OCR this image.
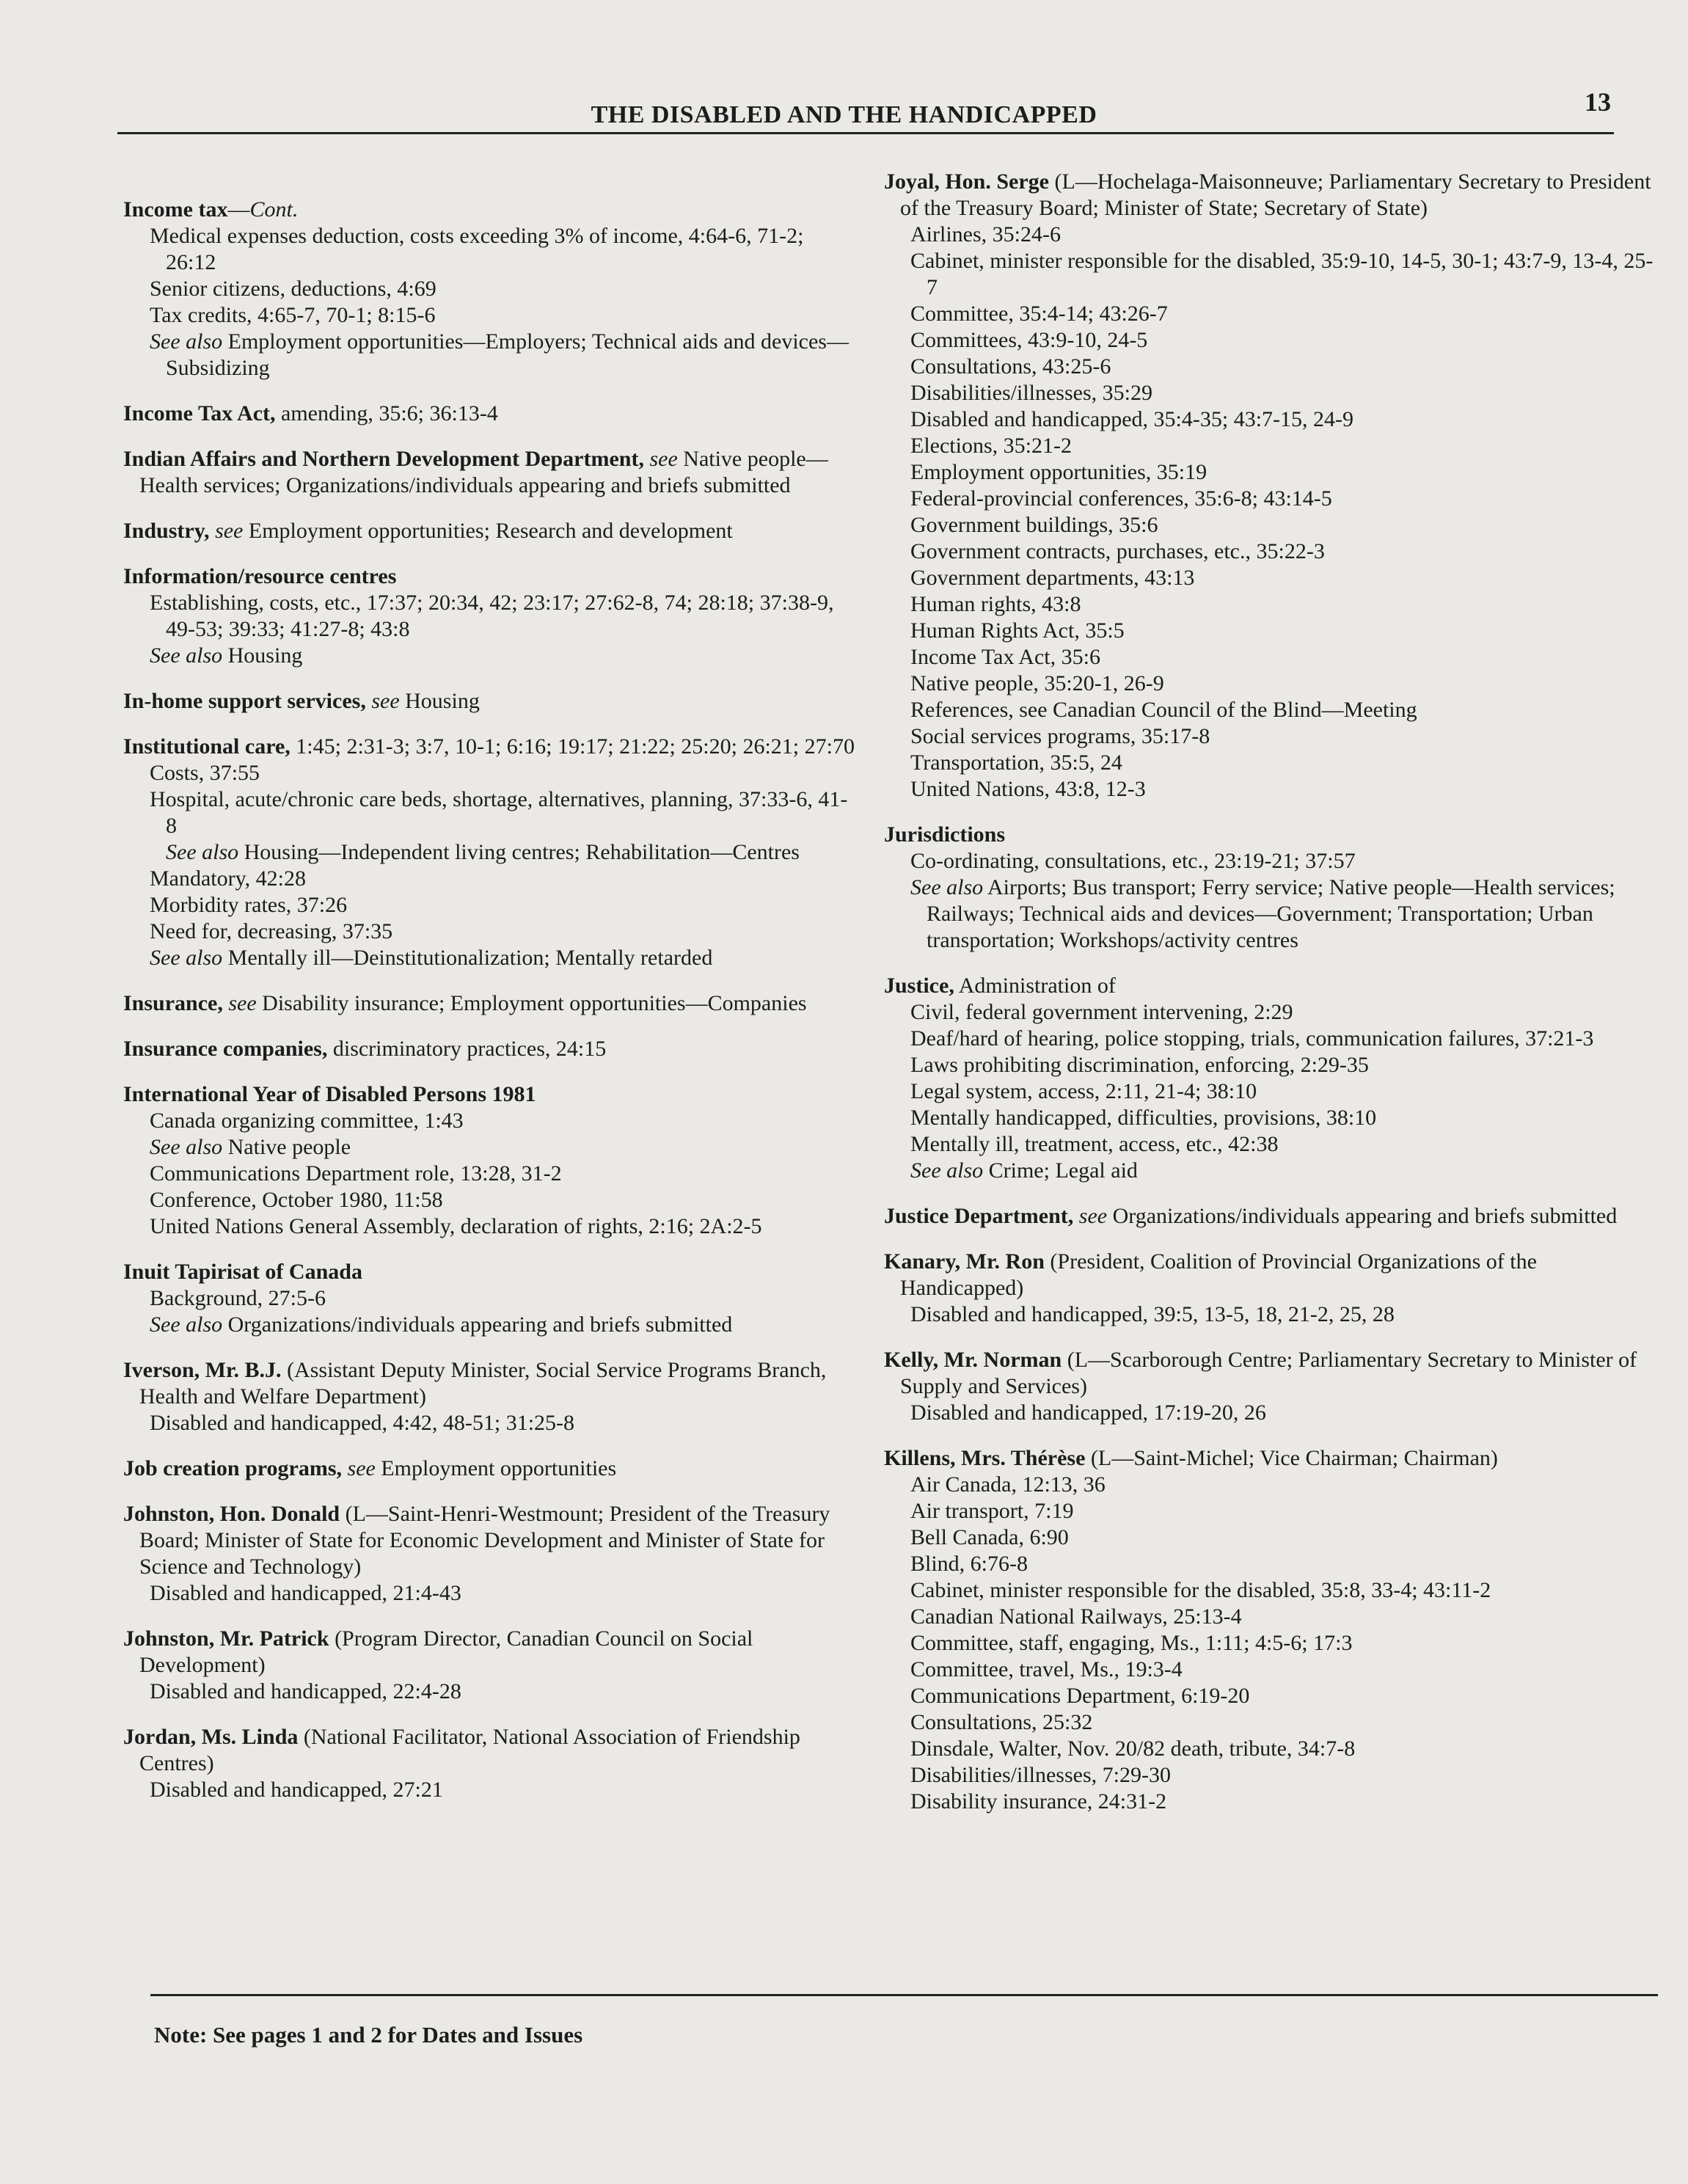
THE DISABLED AND THE HANDICAPPED	13
Income tax—Cont.
Medical expenses deduction, costs exceeding 3% of income, 4:64-6, 71-2; 26:12
Senior citizens, deductions, 4:69
Tax credits, 4:65-7, 70-1; 8:15-6
See also Employment opportunities—Employers; Technical aids and devices—Subsidizing
Income Tax Act, amending, 35:6; 36:13-4
Indian Affairs and Northern Development Department, see Native people—Health services; Organizations/individuals appearing and briefs submitted
Industry, see Employment opportunities; Research and development
Information/resource centres
Establishing, costs, etc., 17:37; 20:34, 42; 23:17; 27:62-8, 74; 28:18; 37:38-9, 49-53; 39:33; 41:27-8; 43:8
See also Housing
In-home support services, see Housing
Institutional care, 1:45; 2:31-3; 3:7, 10-1; 6:16; 19:17; 21:22; 25:20; 26:21; 27:70
Costs, 37:55
Hospital, acute/chronic care beds, shortage, alternatives, planning, 37:33-6, 41-8
See also Housing—Independent living centres; Rehabilitation—Centres
Mandatory, 42:28
Morbidity rates, 37:26
Need for, decreasing, 37:35
See also Mentally ill—Deinstitutionalization; Mentally retarded
Insurance, see Disability insurance; Employment opportunities—Companies
Insurance companies, discriminatory practices, 24:15
International Year of Disabled Persons 1981
Canada organizing committee, 1:43
See also Native people
Communications Department role, 13:28, 31-2
Conference, October 1980, 11:58
United Nations General Assembly, declaration of rights, 2:16; 2A:2-5
Inuit Tapirisat of Canada
Background, 27:5-6
See also Organizations/individuals appearing and briefs submitted
Iverson, Mr. B.J. (Assistant Deputy Minister, Social Service Programs Branch, Health and Welfare Department)
Disabled and handicapped, 4:42, 48-51; 31:25-8
Job creation programs, see Employment opportunities
Johnston, Hon. Donald (L—Saint-Henri-Westmount; President of the Treasury Board; Minister of State for Economic Development and Minister of State for Science and Technology)
Disabled and handicapped, 21:4-43
Johnston, Mr. Patrick (Program Director, Canadian Council on Social Development)
Disabled and handicapped, 22:4-28
Jordan, Ms. Linda (National Facilitator, National Association of Friendship Centres)
Disabled and handicapped, 27:21
Joyal, Hon. Serge (L—Hochelaga-Maisonneuve; Parliamentary Secretary to President of the Treasury Board; Minister of State; Secretary of State)
Airlines, 35:24-6
Cabinet, minister responsible for the disabled, 35:9-10, 14-5, 30-1; 43:7-9, 13-4, 25-7
Committee, 35:4-14; 43:26-7
Committees, 43:9-10, 24-5
Consultations, 43:25-6
Disabilities/illnesses, 35:29
Disabled and handicapped, 35:4-35; 43:7-15, 24-9
Elections, 35:21-2
Employment opportunities, 35:19
Federal-provincial conferences, 35:6-8; 43:14-5
Government buildings, 35:6
Government contracts, purchases, etc., 35:22-3
Government departments, 43:13
Human rights, 43:8
Human Rights Act, 35:5
Income Tax Act, 35:6
Native people, 35:20-1, 26-9
References, see Canadian Council of the Blind—Meeting
Social services programs, 35:17-8
Transportation, 35:5, 24
United Nations, 43:8, 12-3
Jurisdictions
Co-ordinating, consultations, etc., 23:19-21; 37:57
See also Airports; Bus transport; Ferry service; Native people—Health services; Railways; Technical aids and devices—Government; Transportation; Urban transportation; Workshops/activity centres
Justice, Administration of
Civil, federal government intervening, 2:29
Deaf/hard of hearing, police stopping, trials, communication failures, 37:21-3
Laws prohibiting discrimination, enforcing, 2:29-35
Legal system, access, 2:11, 21-4; 38:10
Mentally handicapped, difficulties, provisions, 38:10
Mentally ill, treatment, access, etc., 42:38
See also Crime; Legal aid
Justice Department, see Organizations/individuals appearing and briefs submitted
Kanary, Mr. Ron (President, Coalition of Provincial Organizations of the Handicapped)
Disabled and handicapped, 39:5, 13-5, 18, 21-2, 25, 28
Kelly, Mr. Norman (L—Scarborough Centre; Parliamentary Secretary to Minister of Supply and Services)
Disabled and handicapped, 17:19-20, 26
Killens, Mrs. Thérèse (L—Saint-Michel; Vice Chairman; Chairman)
Air Canada, 12:13, 36
Air transport, 7:19
Bell Canada, 6:90
Blind, 6:76-8
Cabinet, minister responsible for the disabled, 35:8, 33-4; 43:11-2
Canadian National Railways, 25:13-4
Committee, staff, engaging, Ms., 1:11; 4:5-6; 17:3
Committee, travel, Ms., 19:3-4
Communications Department, 6:19-20
Consultations, 25:32
Dinsdale, Walter, Nov. 20/82 death, tribute, 34:7-8
Disabilities/illnesses, 7:29-30
Disability insurance, 24:31-2
Note: See pages 1 and 2 for Dates and Issues
